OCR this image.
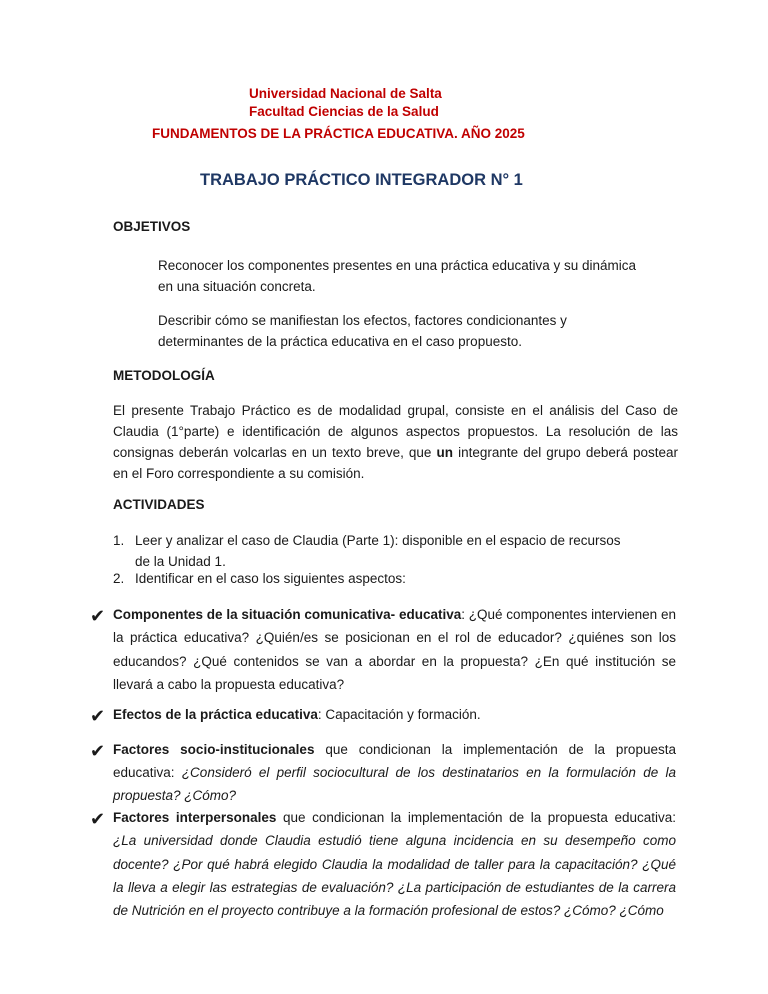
Universidad Nacional de Salta
Facultad Ciencias de la Salud
FUNDAMENTOS DE LA PRÁCTICA EDUCATIVA. AÑO 2025
TRABAJO PRÁCTICO INTEGRADOR N° 1
OBJETIVOS
Reconocer los componentes presentes en una práctica educativa y su dinámica
en una situación concreta.
Describir cómo se manifiestan los efectos, factores condicionantes y
determinantes de la práctica educativa en el caso propuesto.
METODOLOGÍA
El presente Trabajo Práctico es de modalidad grupal, consiste en el análisis del Caso de Claudia (1°parte) e identificación de algunos aspectos propuestos. La resolución de las consignas deberán volcarlas en un texto breve, que un integrante del grupo deberá postear en el Foro correspondiente a su comisión.
ACTIVIDADES
1. Leer y analizar el caso de Claudia (Parte 1): disponible en el espacio de recursos
de la Unidad 1.
2. Identificar en el caso los siguientes aspectos:
✔ Componentes de la situación comunicativa- educativa: ¿Qué componentes intervienen en la práctica educativa? ¿Quién/es se posicionan en el rol de educador? ¿quiénes son los educandos? ¿Qué contenidos se van a abordar en la propuesta? ¿En qué institución se llevará a cabo la propuesta educativa?
✔ Efectos de la práctica educativa: Capacitación y formación.
✔ Factores socio-institucionales que condicionan la implementación de la propuesta educativa: ¿Consideró el perfil sociocultural de los destinatarios en la formulación de la propuesta? ¿Cómo?
✔ Factores interpersonales que condicionan la implementación de la propuesta educativa: ¿La universidad donde Claudia estudió tiene alguna incidencia en su desempeño como docente? ¿Por qué habrá elegido Claudia la modalidad de taller para la capacitación? ¿Qué la lleva a elegir las estrategias de evaluación? ¿La participación de estudiantes de la carrera de Nutrición en el proyecto contribuye a la formación profesional de estos? ¿Cómo? ¿Cómo
